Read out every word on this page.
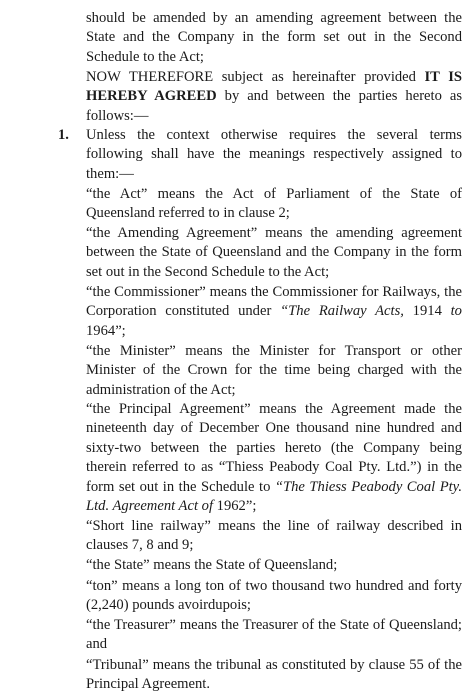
should be amended by an amending agreement between the State and the Company in the form set out in the Second Schedule to the Act;

NOW THEREFORE subject as hereinafter provided IT IS HEREBY AGREED by and between the parties hereto as follows:—

1. Unless the context otherwise requires the several terms following shall have the meanings respectively assigned to them:—

“the Act” means the Act of Parliament of the State of Queensland referred to in clause 2;

“the Amending Agreement” means the amending agreement between the State of Queensland and the Company in the form set out in the Second Schedule to the Act;

“the Commissioner” means the Commissioner for Railways, the Corporation constituted under “The Railway Acts, 1914 to 1964”;

“the Minister” means the Minister for Transport or other Minister of the Crown for the time being charged with the administration of the Act;

“the Principal Agreement” means the Agreement made the nineteenth day of December One thousand nine hundred and sixty-two between the parties hereto (the Company being therein referred to as “Thiess Peabody Coal Pty. Ltd.”) in the form set out in the Schedule to “The Thiess Peabody Coal Pty. Ltd. Agreement Act of 1962”;

“Short line railway” means the line of railway described in clauses 7, 8 and 9;

“the State” means the State of Queensland;

“ton” means a long ton of two thousand two hundred and forty (2,240) pounds avoirdupois;

“the Treasurer” means the Treasurer of the State of Queensland; and

“Tribunal” means the tribunal as constituted by clause 55 of the Principal Agreement.
